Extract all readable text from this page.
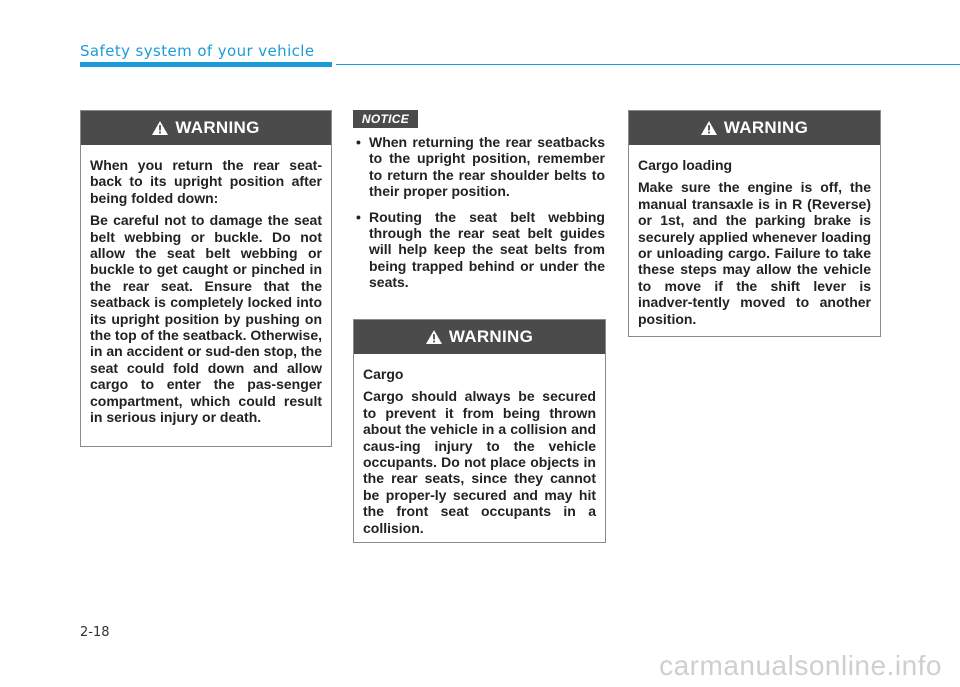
Safety system of your vehicle
WARNING

When you return the rear seat-back to its upright position after being folded down:

Be careful not to damage the seat belt webbing or buckle. Do not allow the seat belt webbing or buckle to get caught or pinched in the rear seat. Ensure that the seatback is completely locked into its upright position by pushing on the top of the seatback. Otherwise, in an accident or sud-den stop, the seat could fold down and allow cargo to enter the pas-senger compartment, which could result in serious injury or death.

NOTICE
• When returning the rear seatbacks to the upright position, remember to return the rear shoulder belts to their proper position.
• Routing the seat belt webbing through the rear seat belt guides will help keep the seat belts from being trapped behind or under the seats.
WARNING

Cargo

Cargo should always be secured to prevent it from being thrown about the vehicle in a collision and caus-ing injury to the vehicle occupants. Do not place objects in the rear seats, since they cannot be proper-ly secured and may hit the front seat occupants in a collision.

WARNING

Cargo loading

Make sure the engine is off, the manual transaxle is in R (Reverse) or 1st, and the parking brake is securely applied whenever loading or unloading cargo. Failure to take these steps may allow the vehicle to move if the shift lever is inadver-tently moved to another position.

2-18
carmanualsonline.info
